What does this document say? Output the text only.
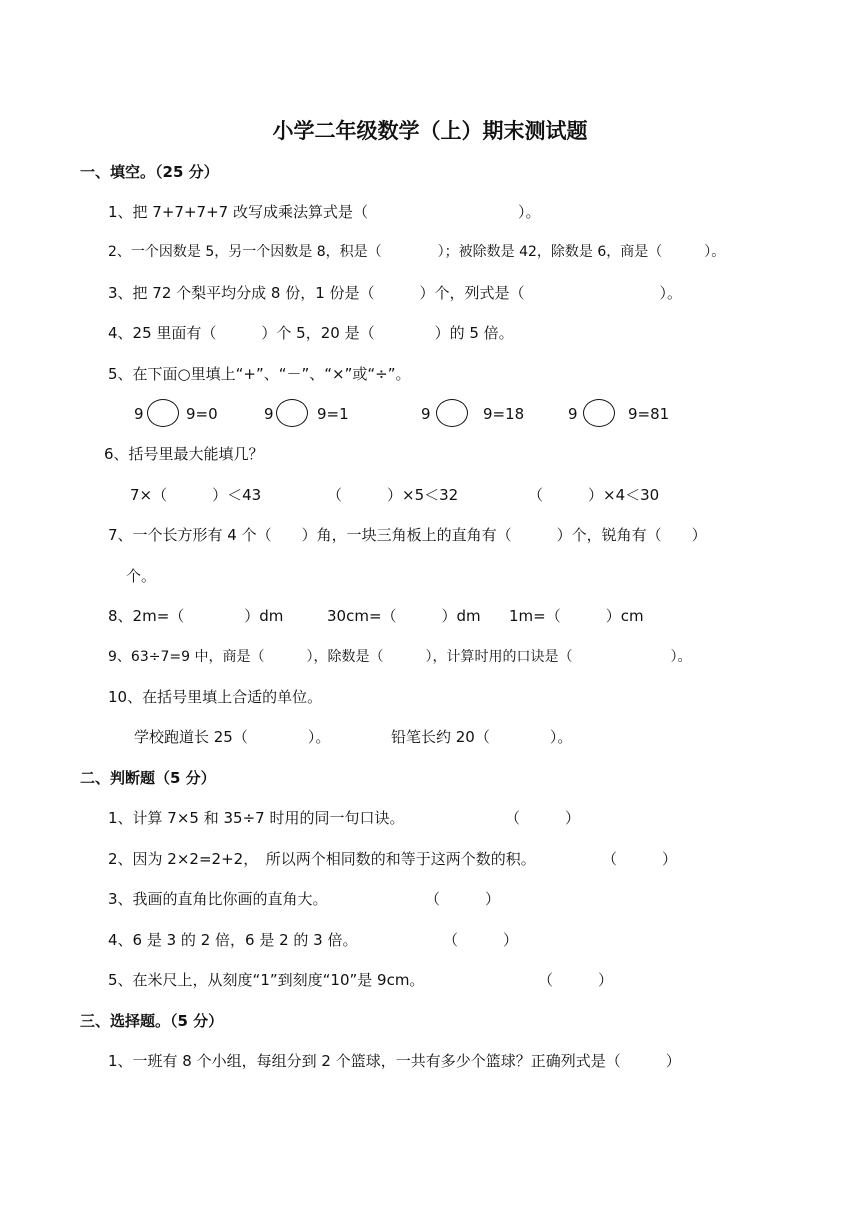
小学二年级数学（上）期末测试题
一、填空。（25 分）
1、把 7+7+7+7 改写成乘法算式是（　　　　　　　　　　）。
2、一个因数是 5，另一个因数是 8，积是（　　　　）；被除数是 42，除数是 6，商是（　　　）。
3、把 72 个梨平均分成 8 份，1 份是（　　　）个，列式是（　　　　　　　　　）。
4、25 里面有（　　　）个 5，20 是（　　　　）的 5 倍。
5、在下面○里填上“+”、“－”、“×”或“÷”。
9	9=0	9	9=1	9	9=18	9	9=81
6、括号里最大能填几？
7×（　　　）＜43	（　　　）×5＜32	（　　　）×4＜30
7、一个长方形有 4 个（　　）角，一块三角板上的直角有（　　　）个，锐角有（　　）
个。
8、2m=（　　　　）dm	30cm=（　　　）dm 1m=（　　　）cm
9、63÷7=9 中，商是（　　　），除数是（　　　），计算时用的口诀是（　　　　　　　）。
10、在括号里填上合适的单位。
学校跑道长 25（　　　　）。	铅笔长约 20（　　　　）。
二、判断题（5 分）
1、计算 7×5 和 35÷7 时用的同一句口诀。	（　　　）
2、因为 2×2=2+2，　所以两个相同数的和等于这两个数的积。	（　　　）
3、我画的直角比你画的直角大。	（　　　）
4、6 是 3 的 2 倍，6 是 2 的 3 倍。	（　　　）
5、在米尺上，从刻度“1”到刻度“10”是 9cm。	（　　　）
三、选择题。（5 分）
1、一班有 8 个小组，每组分到 2 个篮球，一共有多少个篮球？正确列式是（　　　）
